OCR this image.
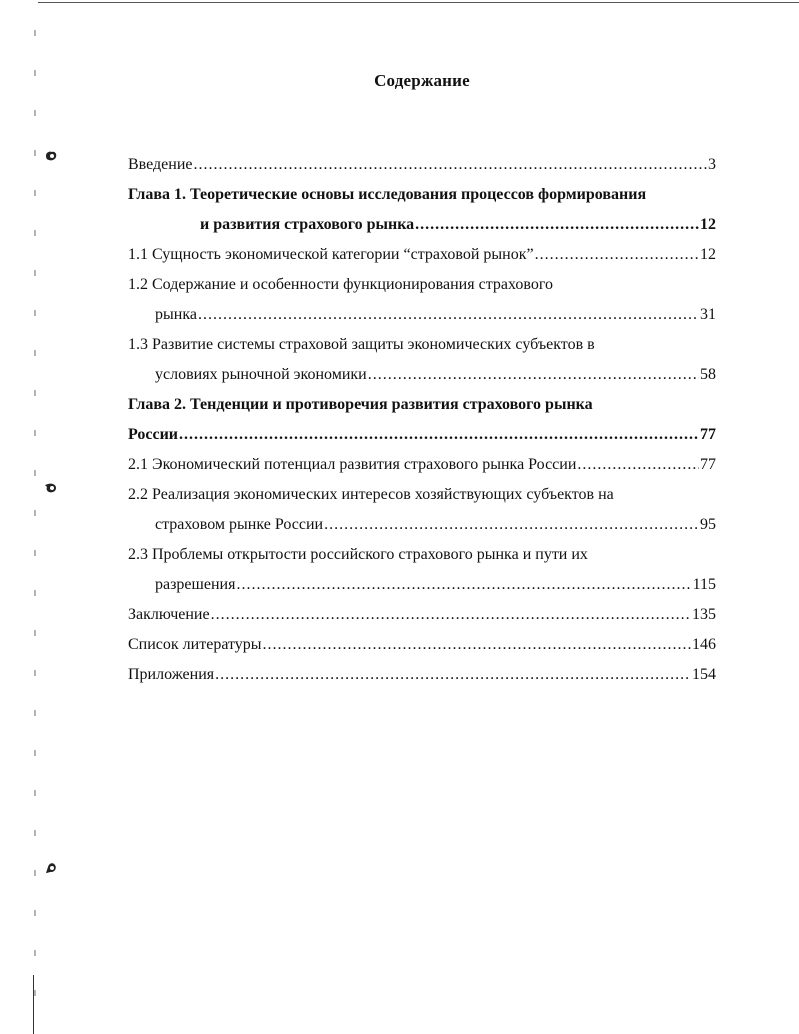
Содержание
Введение .....	3
Глава 1. Теоретические основы исследования процессов формирования
и развития страхового рынка .....	12
1.1 Сущность экономической категории “страховой рынок” .....	12
1.2 Содержание и особенности функционирования страхового
рынка .....	31
1.3 Развитие системы страховой защиты экономических субъектов в
условиях рыночной экономики .....	58
Глава 2. Тенденции и противоречия развития страхового рынка
России .....	77
2.1 Экономический потенциал развития страхового рынка России .....	77
2.2 Реализация экономических интересов хозяйствующих субъектов на
страховом рынке России .....	95
2.3 Проблемы открытости российского страхового рынка и пути их
разрешения .....	115
Заключение .....	135
Список литературы .....	146
Приложения .....	154
